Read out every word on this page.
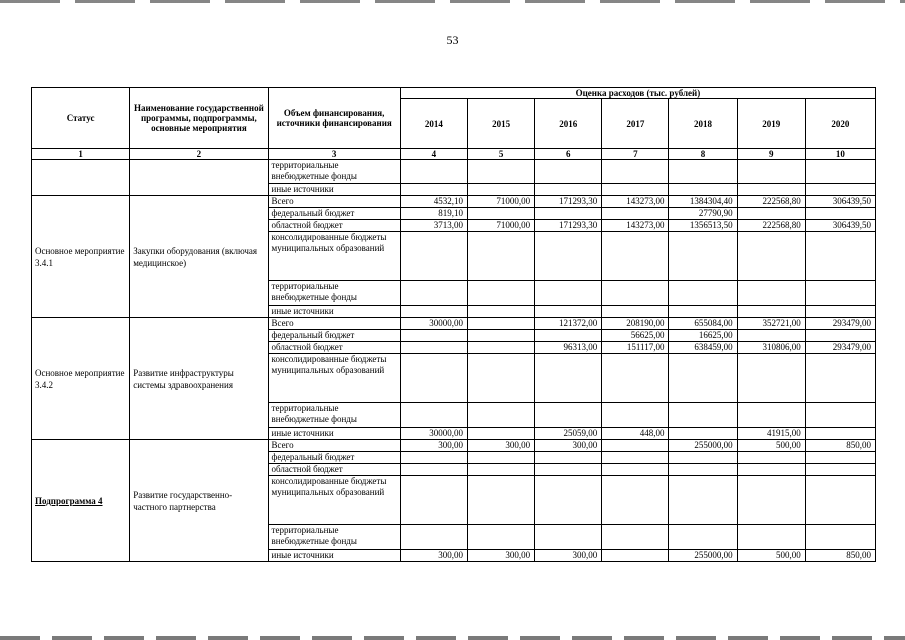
53
Статус	Наименование государственной программы, подпрограммы, основные мероприятия	Объем финансирования, источники финансирования	Оценка расходов (тыс. рублей)						
			2014	2015	2016	2017	2018	2019	2020
1	2	3	4	5	6	7	8	9	10
		территориальные внебюджетные фонды							
		иные источники							
Основное мероприятие 3.4.1	Закупки оборудования (включая медицинское)	Всего	4532,10	71000,00	171293,30	143273,00	1384304,40	222568,80	306439,50
		федеральный бюджет	819,10				27790,90		
		областной бюджет	3713,00	71000,00	171293,30	143273,00	1356513,50	222568,80	306439,50
		консолидированные бюджеты муниципальных образований							
		территориальные внебюджетные фонды							
		иные источники							
Основное мероприятие 3.4.2	Развитие инфраструктуры системы здравоохранения	Всего	30000,00		121372,00	208190,00	655084,00	352721,00	293479,00
		федеральный бюджет				56625,00	16625,00		
		областной бюджет			96313,00	151117,00	638459,00	310806,00	293479,00
		консолидированные бюджеты муниципальных образований							
		территориальные внебюджетные фонды							
		иные источники	30000,00		25059,00	448,00		41915,00	
Подпрограмма 4	Развитие государственно-частного партнерства	Всего	300,00	300,00	300,00		255000,00	500,00	850,00
		федеральный бюджет							
		областной бюджет							
		консолидированные бюджеты муниципальных образований							
		территориальные внебюджетные фонды							
		иные источники	300,00	300,00	300,00		255000,00	500,00	850,00
